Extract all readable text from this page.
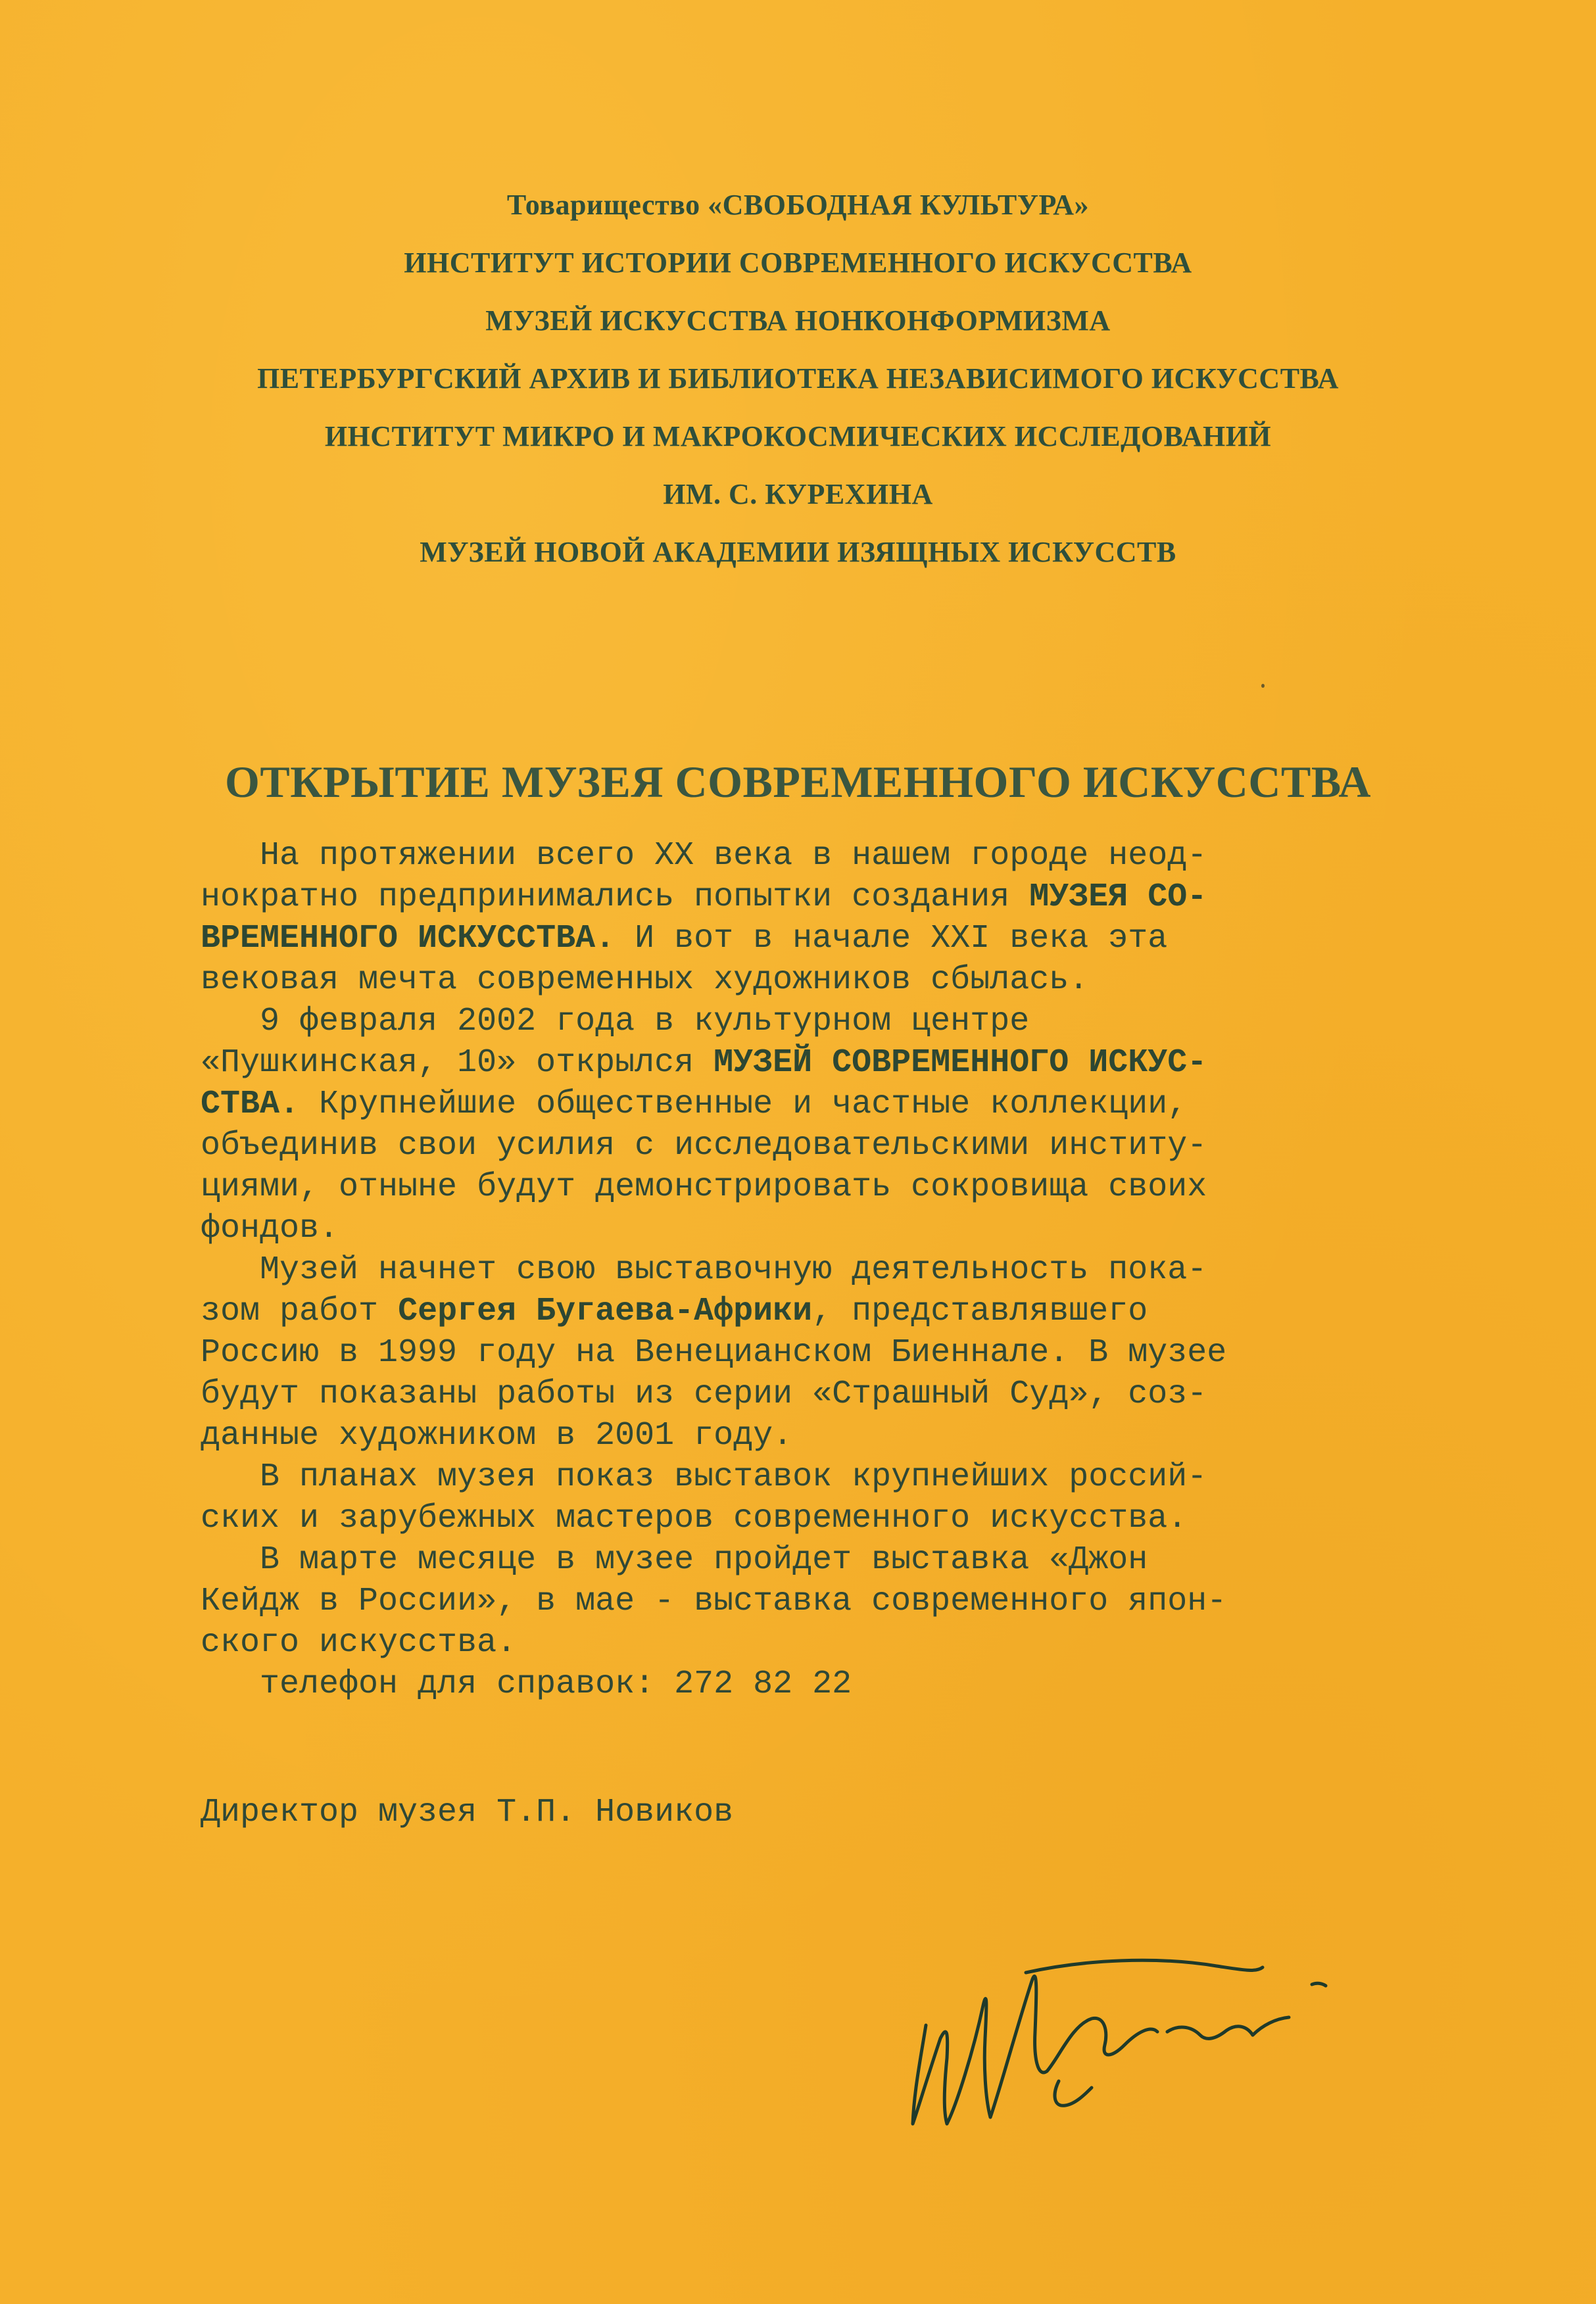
Товарищество «СВОБОДНАЯ КУЛЬТУРА»
ИНСТИТУТ ИСТОРИИ СОВРЕМЕННОГО ИСКУССТВА
МУЗЕЙ ИСКУССТВА НОНКОНФОРМИЗМА
ПЕТЕРБУРГСКИЙ АРХИВ И БИБЛИОТЕКА НЕЗАВИСИМОГО ИСКУССТВА
ИНСТИТУТ МИКРО И МАКРОКОСМИЧЕСКИХ ИССЛЕДОВАНИЙ
ИМ. С. КУРЕХИНА
МУЗЕЙ НОВОЙ АКАДЕМИИ ИЗЯЩНЫХ ИСКУССТВ
ОТКРЫТИЕ МУЗЕЯ СОВРЕМЕННОГО ИСКУССТВА
На протяжении всего XX века в нашем городе неод-
нократно предпринимались попытки создания МУЗЕЯ СО-
ВРЕМЕННОГО ИСКУССТВА. И вот в начале XXI века эта
вековая мечта современных художников сбылась.
9 февраля 2002 года в культурном центре
«Пушкинская, 10» открылся МУЗЕЙ СОВРЕМЕННОГО ИСКУС-
СТВА. Крупнейшие общественные и частные коллекции,
объединив свои усилия с исследовательскими институ-
циями, отныне будут демонстрировать сокровища своих
фондов.
Музей начнет свою выставочную деятельность пока-
зом работ Сергея Бугаева-Африки, представлявшего
Россию в 1999 году на Венецианском Биеннале. В музее
будут показаны работы из серии «Страшный Суд», соз-
данные художником в 2001 году.
В планах музея показ выставок крупнейших россий-
ских и зарубежных мастеров современного искусства.
В марте месяце в музее пройдет выставка «Джон
Кейдж в России», в мае - выставка современного япон-
ского искусства.
телефон для справок: 272 82 22
Директор музея Т.П. Новиков
